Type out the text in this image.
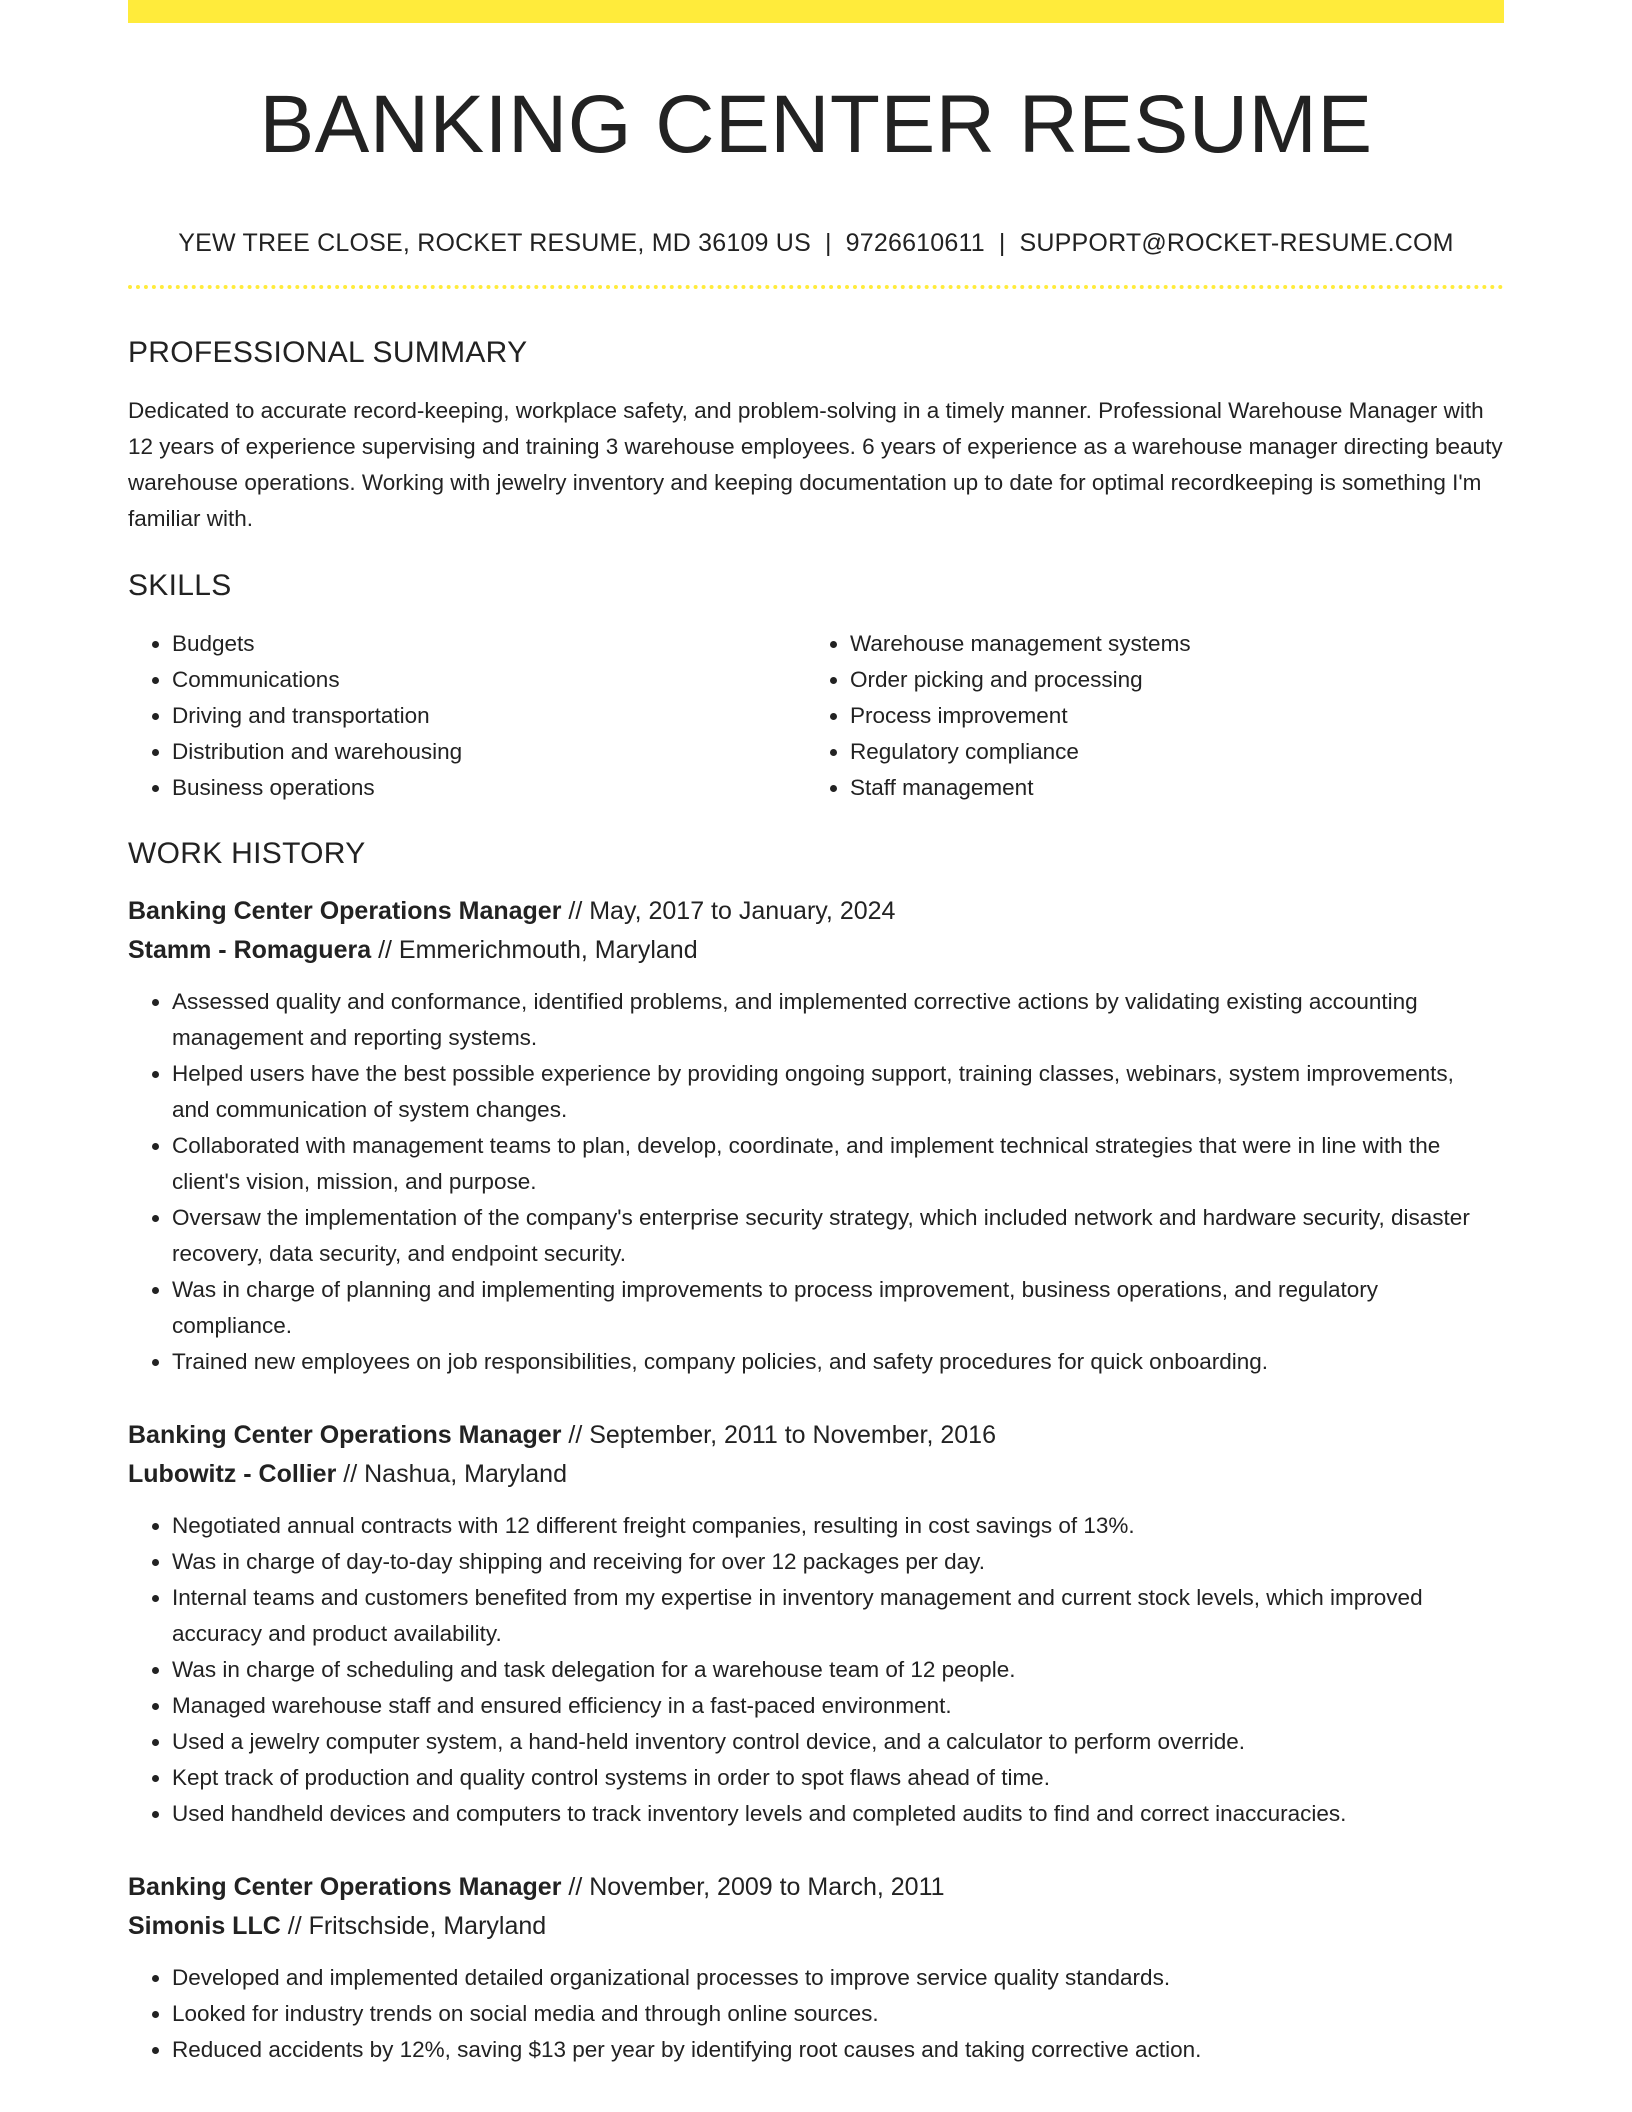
BANKING CENTER RESUME
YEW TREE CLOSE, ROCKET RESUME, MD 36109 US | 9726610611 | SUPPORT@ROCKET-RESUME.COM
PROFESSIONAL SUMMARY
Dedicated to accurate record-keeping, workplace safety, and problem-solving in a timely manner. Professional Warehouse Manager with 12 years of experience supervising and training 3 warehouse employees. 6 years of experience as a warehouse manager directing beauty warehouse operations. Working with jewelry inventory and keeping documentation up to date for optimal recordkeeping is something I'm familiar with.
SKILLS
• Budgets
• Communications
• Driving and transportation
• Distribution and warehousing
• Business operations
• Warehouse management systems
• Order picking and processing
• Process improvement
• Regulatory compliance
• Staff management
WORK HISTORY
Banking Center Operations Manager // May, 2017 to January, 2024
Stamm - Romaguera // Emmerichmouth, Maryland
• Assessed quality and conformance, identified problems, and implemented corrective actions by validating existing accounting management and reporting systems.
• Helped users have the best possible experience by providing ongoing support, training classes, webinars, system improvements, and communication of system changes.
• Collaborated with management teams to plan, develop, coordinate, and implement technical strategies that were in line with the client's vision, mission, and purpose.
• Oversaw the implementation of the company's enterprise security strategy, which included network and hardware security, disaster recovery, data security, and endpoint security.
• Was in charge of planning and implementing improvements to process improvement, business operations, and regulatory compliance.
• Trained new employees on job responsibilities, company policies, and safety procedures for quick onboarding.
Banking Center Operations Manager // September, 2011 to November, 2016
Lubowitz - Collier // Nashua, Maryland
• Negotiated annual contracts with 12 different freight companies, resulting in cost savings of 13%.
• Was in charge of day-to-day shipping and receiving for over 12 packages per day.
• Internal teams and customers benefited from my expertise in inventory management and current stock levels, which improved accuracy and product availability.
• Was in charge of scheduling and task delegation for a warehouse team of 12 people.
• Managed warehouse staff and ensured efficiency in a fast-paced environment.
• Used a jewelry computer system, a hand-held inventory control device, and a calculator to perform override.
• Kept track of production and quality control systems in order to spot flaws ahead of time.
• Used handheld devices and computers to track inventory levels and completed audits to find and correct inaccuracies.
Banking Center Operations Manager // November, 2009 to March, 2011
Simonis LLC // Fritschside, Maryland
• Developed and implemented detailed organizational processes to improve service quality standards.
• Looked for industry trends on social media and through online sources.
• Reduced accidents by 12%, saving $13 per year by identifying root causes and taking corrective action.
